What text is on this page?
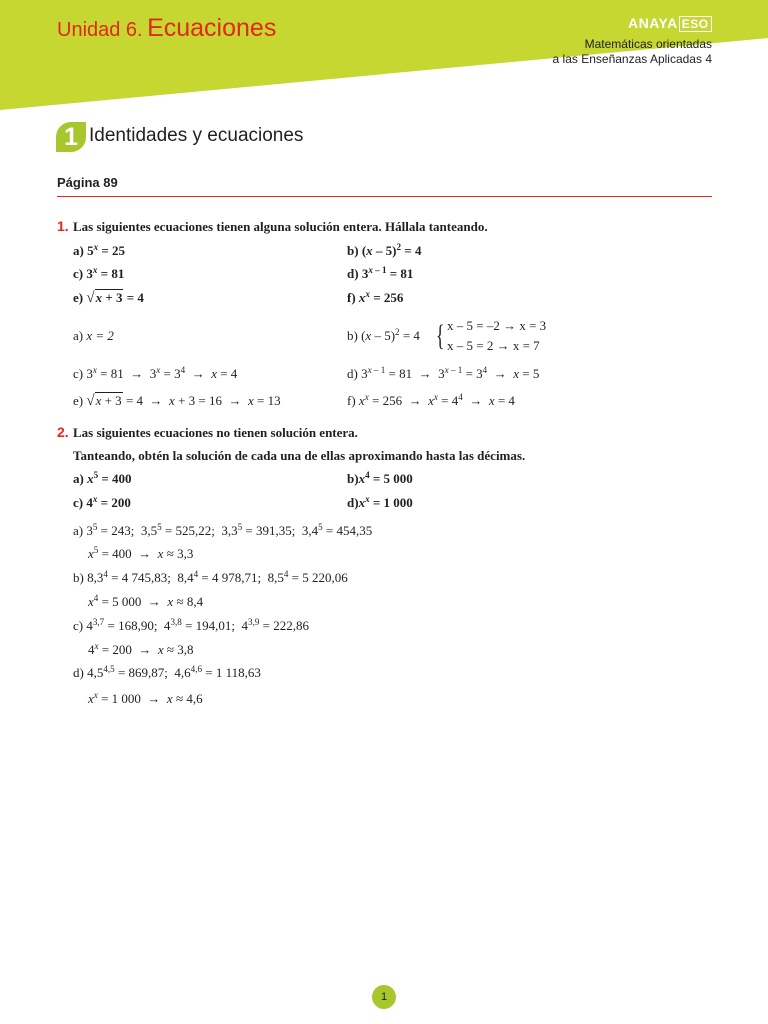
Unidad 6. Ecuaciones	ANAYA ESO
Matemáticas orientadas
a las Enseñanzas Aplicadas 4
1 Identidades y ecuaciones
Página 89
1. Las siguientes ecuaciones tienen alguna solución entera. Hállala tanteando.
a) $5^x = 25$	b) (x – 5)$^2$ = 4
c) $3^x = 81$	d) $3^{x - 1} = 81$
e) √x + 3 = 4	f) $x^x = 256$
a) x = 2	b) (x – 5)$^2$ = 4 { x – 5 = –2 → x = 3
x – 5 = 2 → x = 7
c) $3^x = 81 \to 3^x = 3^4 \to x = 4$	d) $3^{x - 1} = 81 \to 3^{x - 1} = 3^4 \to x = 5$
e) √x + 3 = 4  →  x + 3 = 16  →  x = 13	f) $x^x = 256 \to x^x = 4^4 \to x = 4$
2. Las siguientes ecuaciones no tienen solución entera.
Tanteando, obtén la solución de cada una de ellas aproximando hasta las décimas.
a) $x^5 = 400$	$b)x^4 = 5$ 000
c) $4^x = 200$	$d)x^x = 1$ 000
a) $3^5 = 243$;  $3,5^5 = 525,22$;  $3,3^5 = 391,35$;  $3,4^5 = 454,35$
$x^5 = 400 \to x \approx 3,3$
b) $8,3^4 = 4$ 745,83;  $8,4^4 = 4$ 978,71;  $8,5^4 = 5$ 220,06
$x^4 = 5$ 000  →  x ≈ 8,4
c) $4^{3,7} = 168,90$;  $4^{3,8} = 194,01$;  $4^{3,9} = 222,86$
$4^x = 200 \to x \approx 3,8$
d) $4,5^{4,5} = 869,87$;  $4,6^{4,6} = 1$ 118,63
$x^x = 1$ 000  →  x ≈ 4,6
1
